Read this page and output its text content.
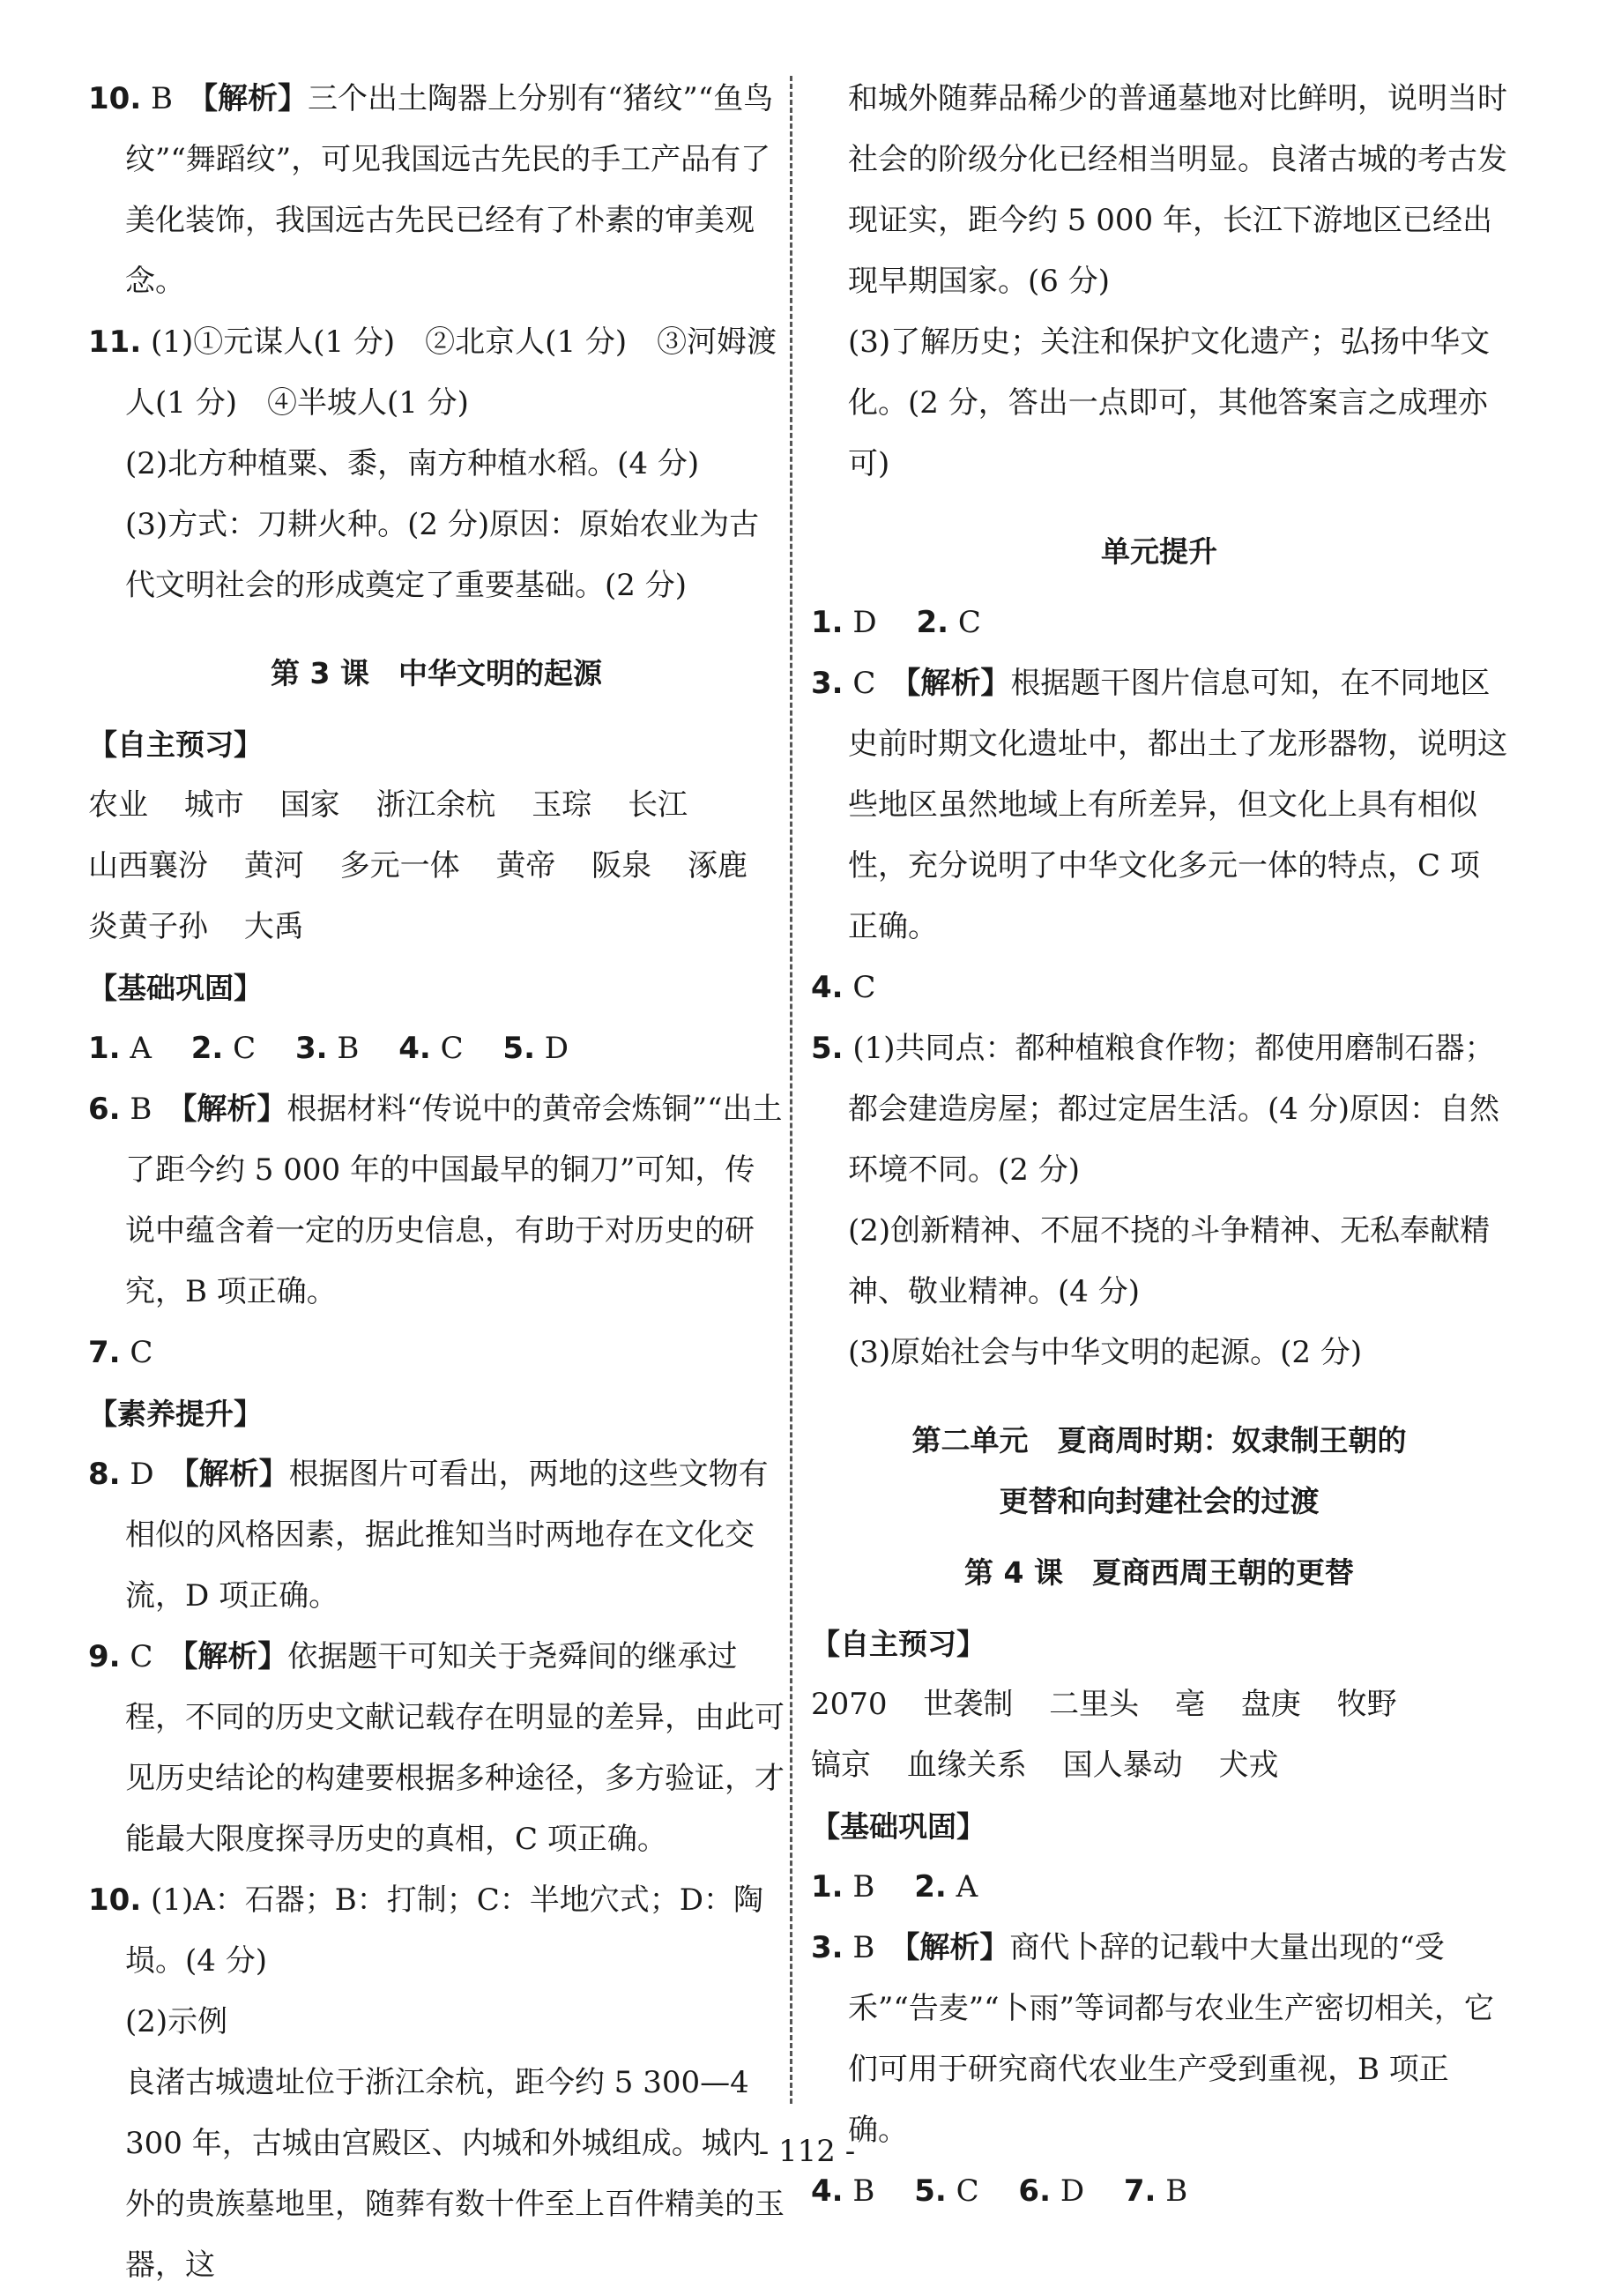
10. B　 【解析】三个出土陶器上分别有“猪纹”“鱼鸟纹”“舞蹈纹”，可见我国远古先民的手工产品有了美化装饰，我国远古先民已经有了朴素的审美观念。

11. (1)①元谋人(1 分)　②北京人(1 分)　③河姆渡人(1 分)　④半坡人(1 分)

(2)北方种植粟、黍，南方种植水稻。(4 分)

(3)方式：刀耕火种。(2 分)原因：原始农业为古代文明社会的形成奠定了重要基础。(2 分)

第 3 课　中华文明的起源

【自主预习】

农业 城市 国家 浙江余杭 玉琮 长江 山西襄汾 黄河 多元一体 黄帝 阪泉 涿鹿 炎黄子孙 大禹

【基础巩固】

1. A　 2. C　 3. B　 4. C　 5. D

6. B　 【解析】根据材料“传说中的黄帝会炼铜”“出土了距今约 5 000 年的中国最早的铜刀”可知，传说中蕴含着一定的历史信息，有助于对历史的研究，B 项正确。

7. C

【素养提升】

8. D　 【解析】根据图片可看出，两地的这些文物有相似的风格因素，据此推知当时两地存在文化交流，D 项正确。

9. C　 【解析】依据题干可知关于尧舜间的继承过程，不同的历史文献记载存在明显的差异，由此可见历史结论的构建要根据多种途径，多方验证，才能最大限度探寻历史的真相，C 项正确。

10. (1)A：石器；B：打制；C：半地穴式；D：陶埙。(4 分)

(2)示例

良渚古城遗址位于浙江余杭，距今约 5 300—4 300 年，古城由宫殿区、内城和外城组成。城内外的贵族墓地里，随葬有数十件至上百件精美的玉器，这

和城外随葬品稀少的普通墓地对比鲜明，说明当时社会的阶级分化已经相当明显。良渚古城的考古发现证实，距今约 5 000 年，长江下游地区已经出现早期国家。(6 分)

(3)了解历史；关注和保护文化遗产；弘扬中华文化。(2 分，答出一点即可，其他答案言之成理亦可)

单元提升

1. D　 2. C

3. C　 【解析】根据题干图片信息可知，在不同地区史前时期文化遗址中，都出土了龙形器物，说明这些地区虽然地域上有所差异，但文化上具有相似性，充分说明了中华文化多元一体的特点，C 项正确。

4. C

5. (1)共同点：都种植粮食作物；都使用磨制石器；都会建造房屋；都过定居生活。(4 分)原因：自然环境不同。(2 分)

(2)创新精神、不屈不挠的斗争精神、无私奉献精神、敬业精神。(4 分)

(3)原始社会与中华文明的起源。(2 分)

第二单元　夏商周时期：奴隶制王朝的

更替和向封建社会的过渡

第 4 课　夏商西周王朝的更替

【自主预习】

2070 世袭制 二里头 亳 盘庚 牧野 镐京 血缘关系 国人暴动 犬戎

【基础巩固】

1. B　 2. A

3. B　 【解析】商代卜辞的记载中大量出现的“受禾”“告麦”“卜雨”等词都与农业生产密切相关，它们可用于研究商代农业生产受到重视，B 项正确。

4. B　 5. C　 6. D　 7. B

- 112 -
